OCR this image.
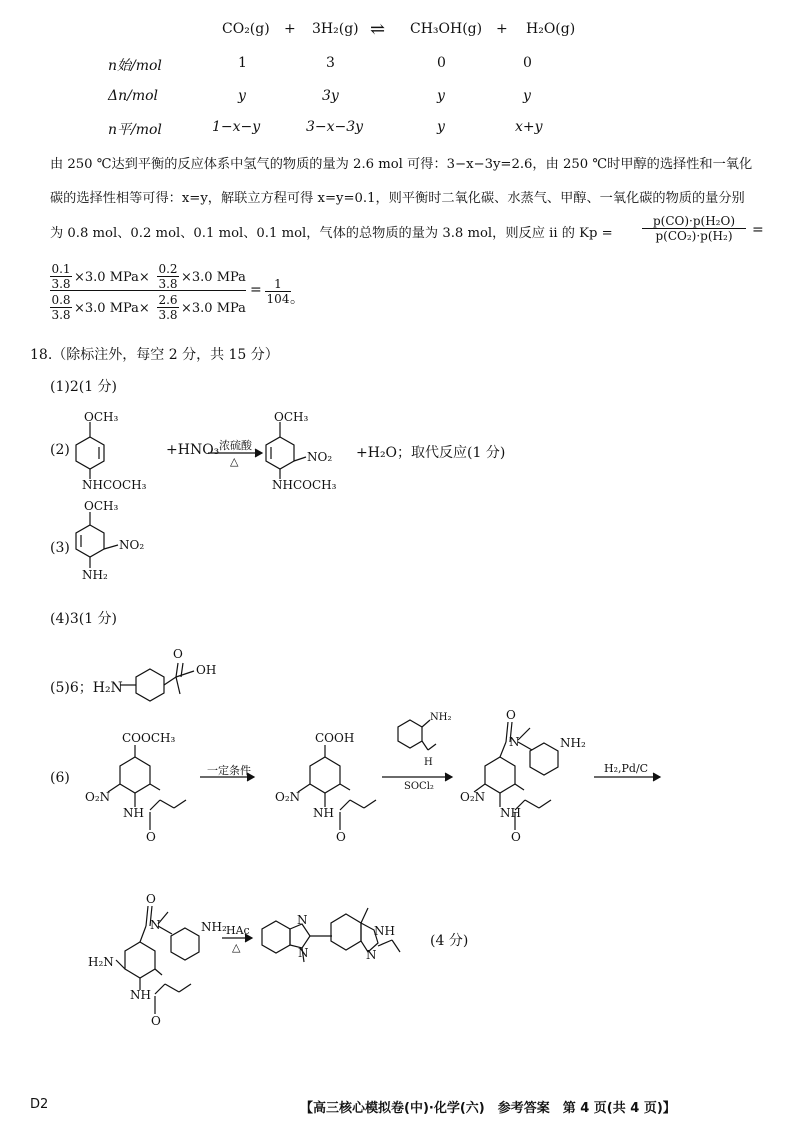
CO₂(g) + 3H₂(g) ⇌ CH₃OH(g) + H₂O(g)
n始/mol	1	3	0	0
Δn/mol	y	3y	y	y
n平/mol	1−x−y	3−x−3y	y	x+y
由 250 ℃达到平衡的反应体系中氢气的物质的量为 2.6 mol 可得：3−x−3y=2.6，由 250 ℃时甲醇的选择性和一氧化
碳的选择性相等可得：x=y，解联立方程可得 x=y=0.1，则平衡时二氧化碳、水蒸气、甲醇、一氧化碳的物质的量分别
为 0.8 mol、0.2 mol、0.1 mol、0.1 mol，气体的总物质的量为 3.8 mol，则反应 ⅱ 的 $Kp = \frac{\text{p(CO)·p(H₂O)}}{\text{p(CO₂)·p(H₂)}}$ =
$\frac{0.1}{3.8} \times 3.0$ $MPa\times \frac{0.2}{3.8} \times 3.0$ MPa
$\frac{0.8}{3.8} \times 3.0$ $MPa\times \frac{2.6}{3.8} \times 3.0$ MPa
= $\frac{1}{104}$ 。
18.（除标注外，每空 2 分，共 15 分）
(1)2(1 分)
(2)
OCH₃
NHCOCH₃
+HNO₃ 浓硫酸
△
OCH₃
NO₂
NHCOCH₃
+H₂O；取代反应(1 分)
(3)
OCH₃
NO₂
NH₂
(4)3(1 分)
(5)6；H₂N
O
OH
(6)
COOCH₃
O₂N
NH
O
一定条件
COOH
O₂N
NH
O
NH₂
H
SOCl₂
O
N	NH₂
O₂N
NH
O
H₂,Pd/C
O
N	NH₂
H₂N
NH
O
HAc
△
N
N
NH
N
(4 分)
D2	【高三核心模拟卷(中)·化学(六)　参考答案　第 4 页(共 4 页)】
